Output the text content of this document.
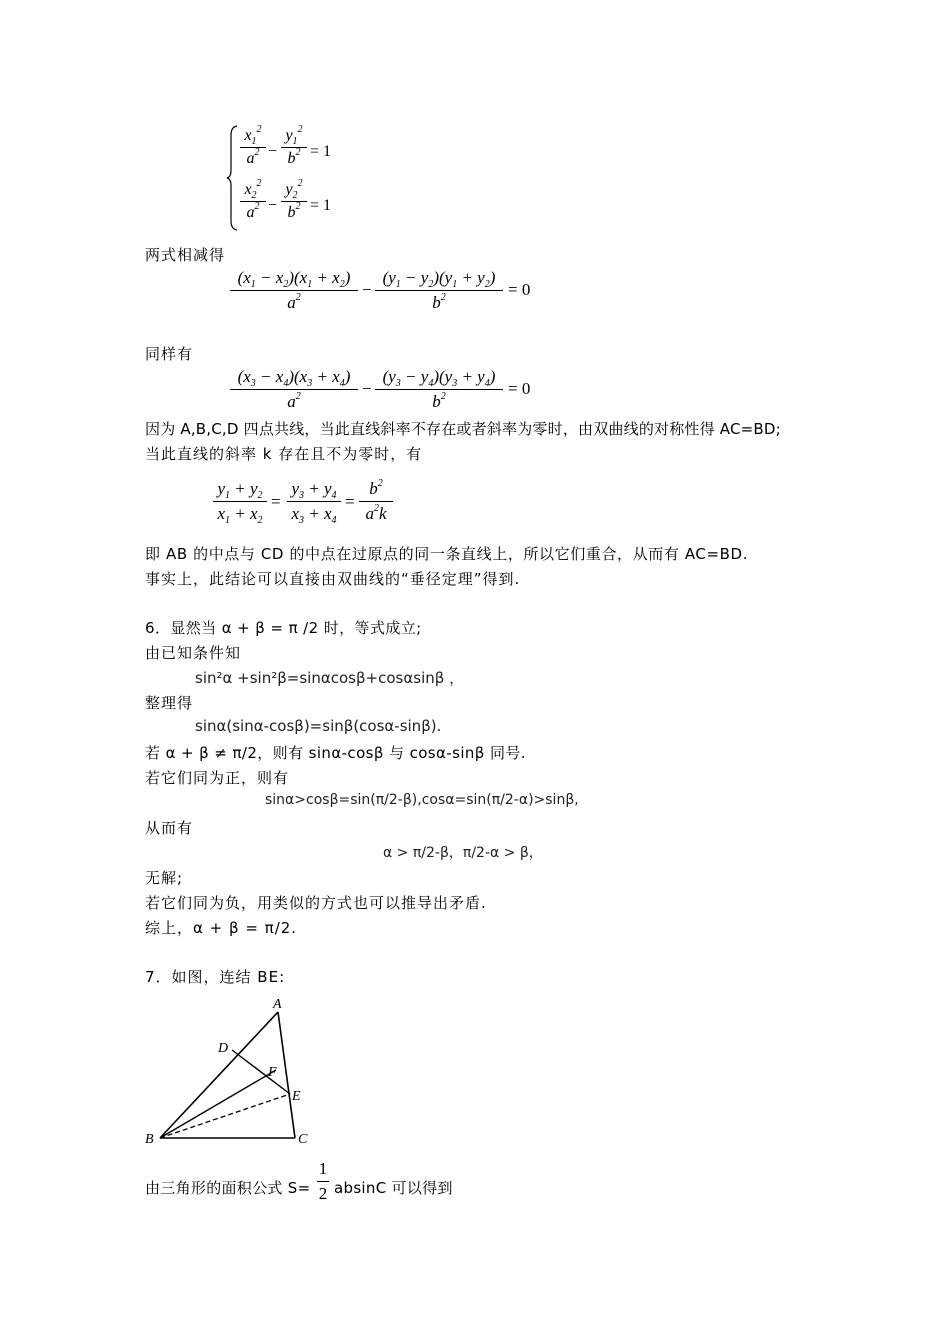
$x_1^2$
$a^2$ −
$y_1^2$
$b^2 = 1$
$x_2^2$
$a^2$ −
$y_2^2$
$b^2 = 1$
两式相减得
$(x_1 - x_2)(x_1 + x_2)$
$a^2$	−
$(y_1 - y_2)(y_1 + y_2)$
$b^2$	= 0
同样有
$(x_3 - x_4)(x_3 + x_4)$
$a^2$	−
$(y_3 - y_4)(y_3 + y_4)$
$b^2$	= 0
因为 A,B,C,D 四点共线，当此直线斜率不存在或者斜率为零时，由双曲线的对称性得 AC=BD;
当此直线的斜率 k 存在且不为零时，有
$y_1 + y_2$
$x_1 + x_2$
=
$y_3 + y_4$
$x_3 + x_4$
=
$b^2$
$a^2k$
即 AB 的中点与 CD 的中点在过原点的同一条直线上，所以它们重合，从而有 AC=BD.
事实上，此结论可以直接由双曲线的“垂径定理”得到.
6．显然当 α + β = π /2 时，等式成立;
由已知条件知
sin²α +sin²β=sinαcosβ+cosαsinβ ，
整理得
sinα(sinα-cosβ)=sinβ(cosα-sinβ).
若 α + β ≠ π/2，则有 sinα-cosβ 与 cosα-sinβ 同号.
若它们同为正，则有
sinα>cosβ=sin(π/2-β),cosα=sin(π/2-α)>sinβ,
从而有
α > π/2-β，π/2-α > β，
无解;
若它们同为负，用类似的方式也可以推导出矛盾.
综上，α + β = π/2.
7．如图，连结 BE:
A
D
F
E
B	C
由三角形的面积公式 S=
1
2 absinC 可以得到
